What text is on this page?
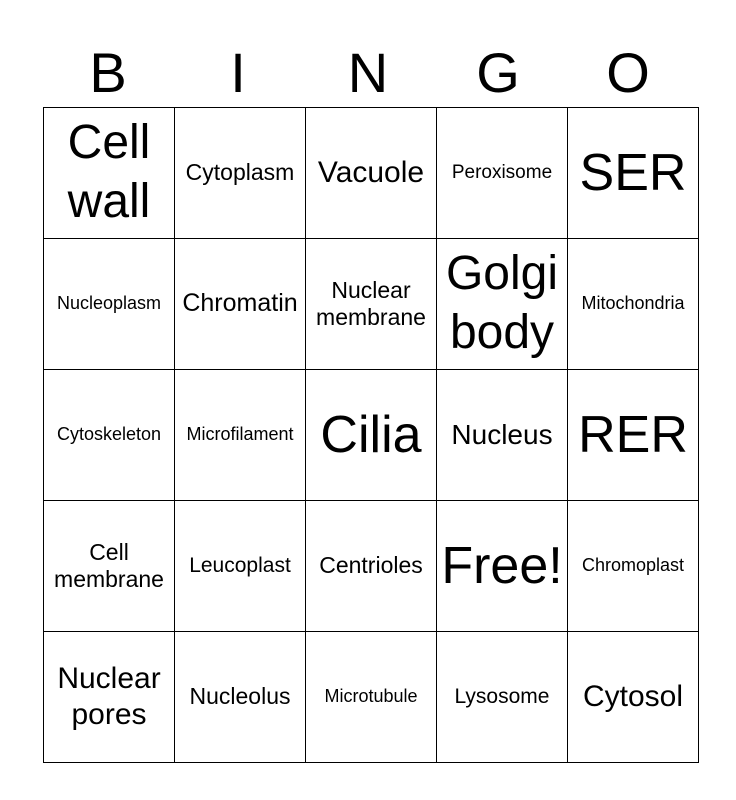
B	I	N	G	O
Cell wall	Cytoplasm	Vacuole	Peroxisome	SER

Nucleoplasm	Chromatin	Nuclear membrane	Golgi body	Mitochondria

Cytoskeleton	Microfilament	Cilia	Nucleus	RER

Cell membrane	Leucoplast	Centrioles	Free!	Chromoplast

Nuclear pores	Nucleolus	Microtubule	Lysosome	Cytosol
